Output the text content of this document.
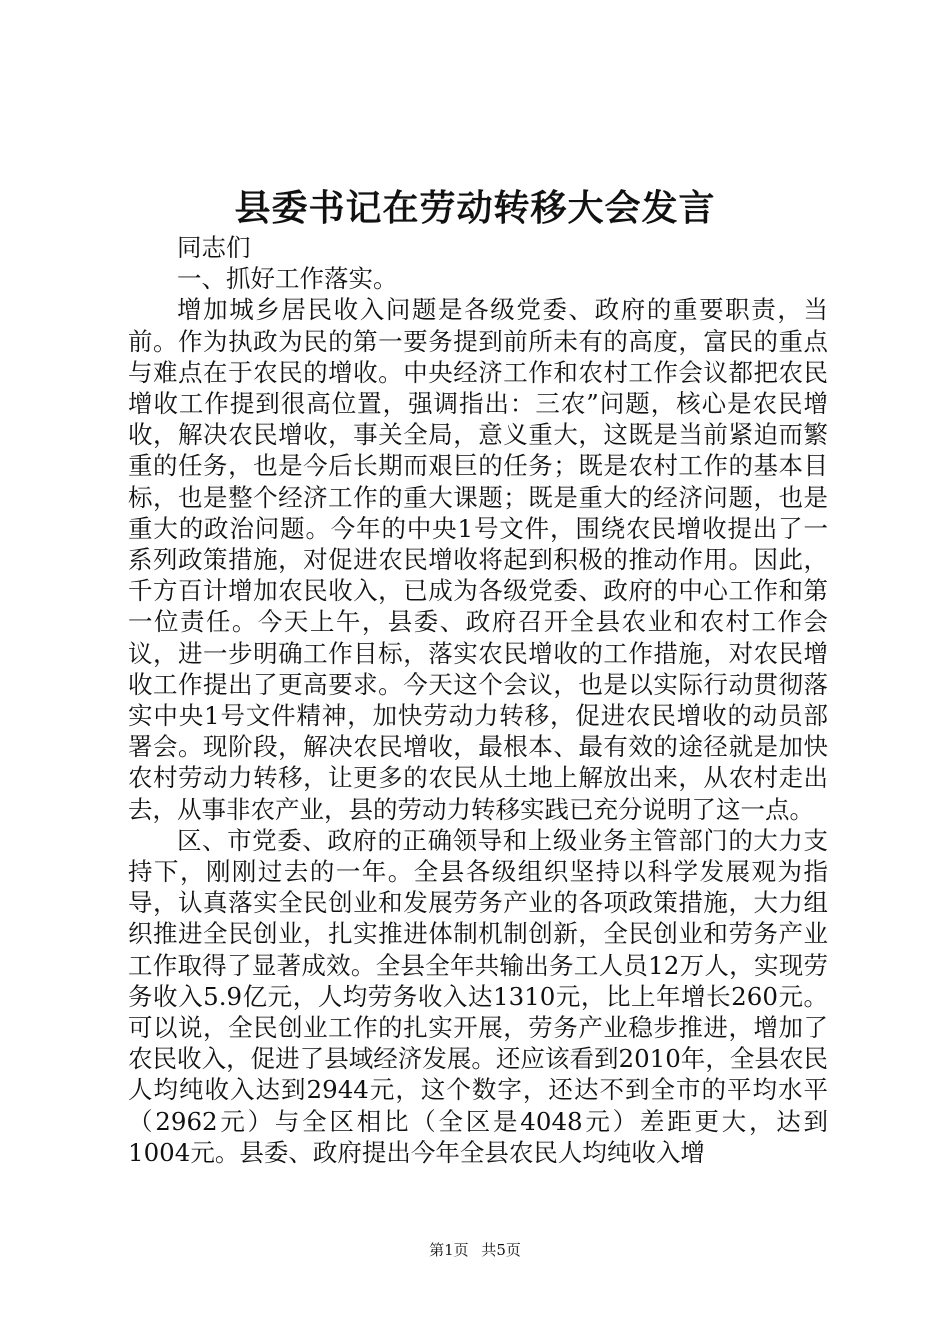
县委书记在劳动转移大会发言

同志们

一、抓好工作落实。

增加城乡居民收入问题是各级党委、政府的重要职责，当前。作为执政为民的第一要务提到前所未有的高度，富民的重点与难点在于农民的增收。中央经济工作和农村工作会议都把农民增收工作提到很高位置，强调指出：三农”问题，核心是农民增收，解决农民增收，事关全局，意义重大，这既是当前紧迫而繁重的任务，也是今后长期而艰巨的任务；既是农村工作的基本目标，也是整个经济工作的重大课题；既是重大的经济问题，也是重大的政治问题。今年的中央1号文件，围绕农民增收提出了一系列政策措施，对促进农民增收将起到积极的推动作用。因此，千方百计增加农民收入，已成为各级党委、政府的中心工作和第一位责任。今天上午，县委、政府召开全县农业和农村工作会议，进一步明确工作目标，落实农民增收的工作措施，对农民增收工作提出了更高要求。今天这个会议，也是以实际行动贯彻落实中央1号文件精神，加快劳动力转移，促进农民增收的动员部署会。现阶段，解决农民增收，最根本、最有效的途径就是加快农村劳动力转移，让更多的农民从土地上解放出来，从农村走出去，从事非农产业，县的劳动力转移实践已充分说明了这一点。

区、市党委、政府的正确领导和上级业务主管部门的大力支持下，刚刚过去的一年。全县各级组织坚持以科学发展观为指导，认真落实全民创业和发展劳务产业的各项政策措施，大力组织推进全民创业，扎实推进体制机制创新，全民创业和劳务产业工作取得了显著成效。全县全年共输出务工人员12万人，实现劳务收入5.9亿元，人均劳务收入达1310元，比上年增长260元。可以说，全民创业工作的扎实开展，劳务产业稳步推进，增加了农民收入，促进了县域经济发展。还应该看到2010年，全县农民人均纯收入达到2944元，这个数字，还达不到全市的平均水平（2962元）与全区相比（全区是4048元）差距更大，达到1004元。县委、政府提出今年全县农民人均纯收入增

第1页 共5页
